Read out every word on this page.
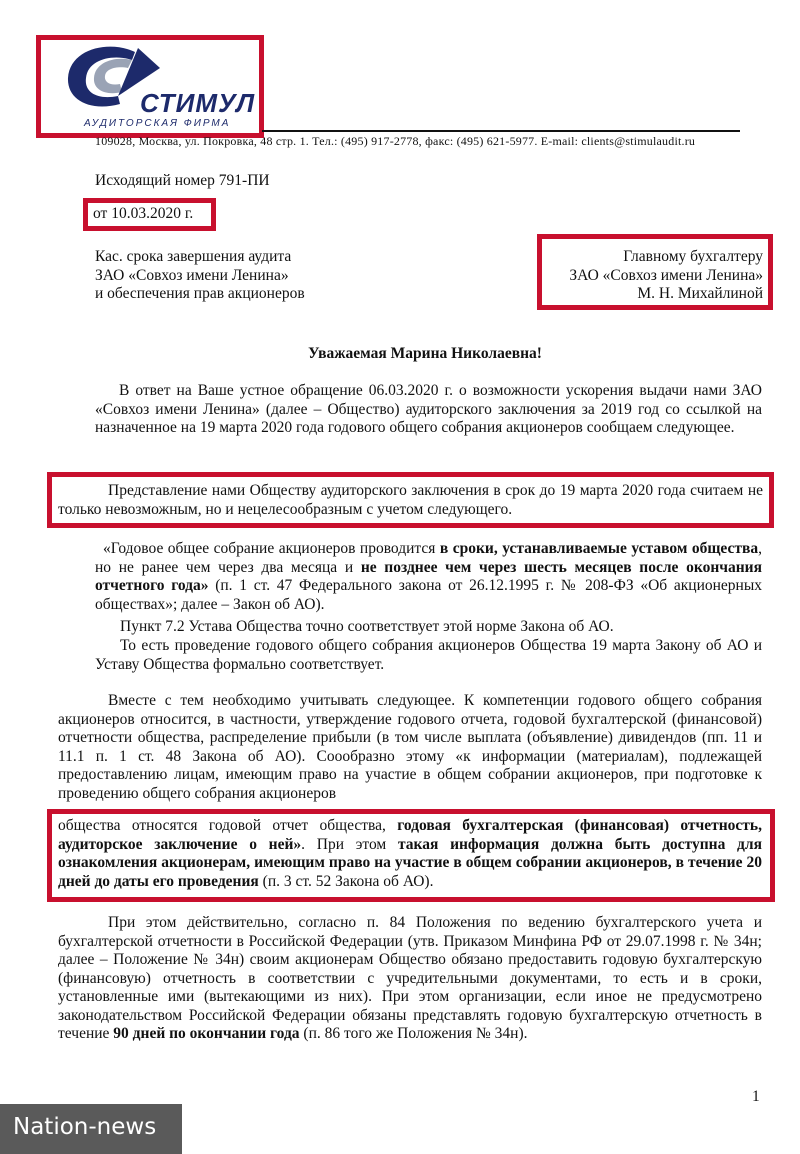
СТИМУЛ
АУДИТОРСКАЯ ФИРМА
109028, Москва, ул. Покровка, 48 стр. 1. Тел.: (495) 917-2778, факс: (495) 621-5977. E-mail: clients@stimulaudit.ru
Исходящий номер 791-ПИ
от 10.03.2020 г.
Кас. срока завершения аудита
ЗАО «Совхоз имени Ленина»
и обеспечения прав акционеров
Главному бухгалтеру
ЗАО «Совхоз имени Ленина»
М. Н. Михайлиной
Уважаемая Марина Николаевна!
В ответ на Ваше устное обращение 06.03.2020 г. о возможности ускорения выдачи нами ЗАО «Совхоз имени Ленина» (далее – Общество) аудиторского заключения за 2019 год со ссылкой на назначенное на 19 марта 2020 года годового общего собрания акционеров сообщаем следующее.
Представление нами Обществу аудиторского заключения в срок до 19 марта 2020 года считаем не только невозможным, но и нецелесообразным с учетом следующего.
«Годовое общее собрание акционеров проводится в сроки, устанавливаемые уставом общества, но не ранее чем через два месяца и не позднее чем через шесть месяцев после окончания отчетного года» (п. 1 ст. 47 Федерального закона от 26.12.1995 г. № 208-ФЗ «Об акционерных обществах»; далее – Закон об АО).
Пункт 7.2 Устава Общества точно соответствует этой норме Закона об АО.
То есть проведение годового общего собрания акционеров Общества 19 марта Закону об АО и Уставу Общества формально соответствует.
Вместе с тем необходимо учитывать следующее. К компетенции годового общего собрания акционеров относится, в частности, утверждение годового отчета, годовой бухгалтерской (финансовой) отчетности общества, распределение прибыли (в том числе выплата (объявление) дивидендов (пп. 11 и 11.1 п. 1 ст. 48 Закона об АО). Соообразно этому «к информации (материалам), подлежащей предоставлению лицам, имеющим право на участие в общем собрании акционеров, при подготовке к проведению общего собрания акционеров
общества относятся годовой отчет общества, годовая бухгалтерская (финансовая) отчетность, аудиторское заключение о ней». При этом такая информация должна быть доступна для ознакомления акционерам, имеющим право на участие в общем собрании акционеров, в течение 20 дней до даты его проведения (п. 3 ст. 52 Закона об АО).
При этом действительно, согласно п. 84 Положения по ведению бухгалтерского учета и бухгалтерской отчетности в Российской Федерации (утв. Приказом Минфина РФ от 29.07.1998 г. № 34н; далее – Положение № 34н) своим акционерам Общество обязано предоставить годовую бухгалтерскую (финансовую) отчетность в соответствии с учредительными документами, то есть и в сроки, установленные ими (вытекающими из них). При этом организации, если иное не предусмотрено законодательством Российской Федерации обязаны представлять годовую бухгалтерскую отчетность в течение 90 дней по окончании года (п. 86 того же Положения № 34н).
1
Nation-news
